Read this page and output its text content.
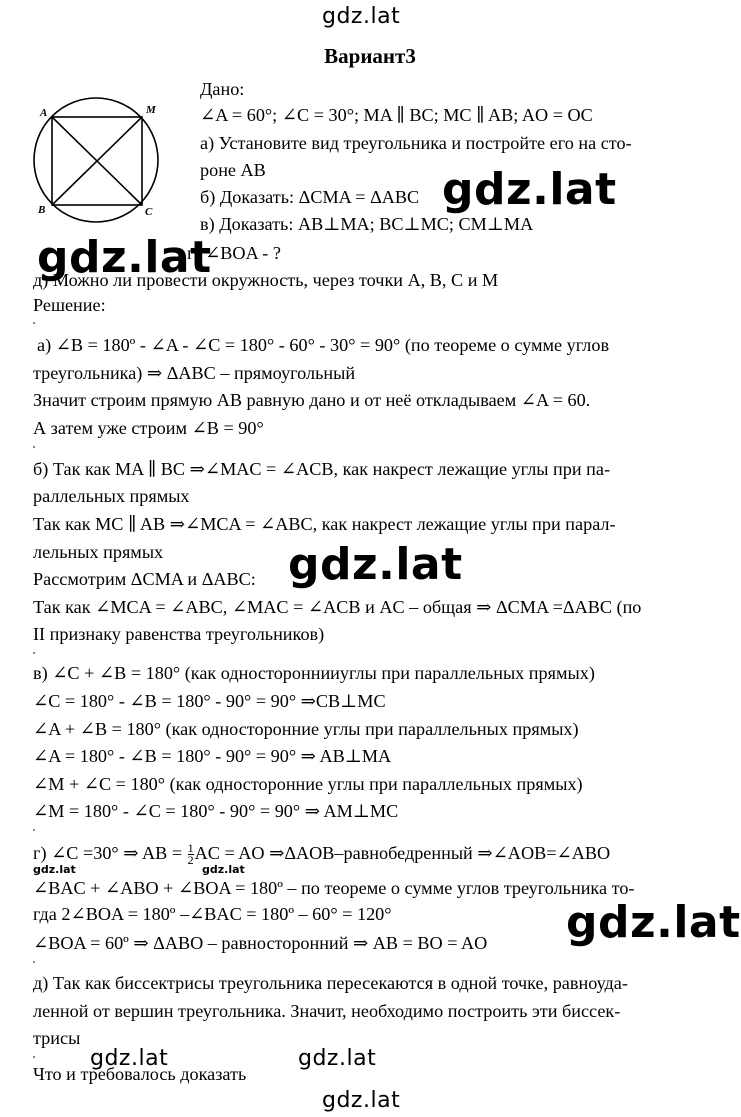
gdz.lat
gdz.lat
gdz.lat
gdz.lat
gdz.lat
gdz.lat	gdz.lat
gdz.lat
gdz.lat	gdz.lat
Вариант3
A	M
B	C
Дано:
∠A = 60°; ∠C = 30°; MA ∥ BC; MC ∥ AB; AO = OC
а) Установите вид треугольника и постройте его на сто-
роне AB
б) Доказать: ΔCMA = ΔABC
в) Доказать: AB⊥MA; BC⊥MC; CM⊥MA
г) ∠BOA - ?
д) Можно ли провести окружность, через точки А, В, С и М
Решение:
а) ∠B = 180º - ∠A - ∠C = 180° - 60° - 30° = 90° (по теореме о сумме углов
треугольника) ⇒ ΔABC – прямоугольный
Значит строим прямую AB равную дано и от неё откладываем ∠A = 60.
А затем уже строим ∠B = 90°
б) Так как MA ∥ BC ⇒∠MAC = ∠ACB, как накрест лежащие углы при па-
раллельных прямых
Так как MC ∥ AB ⇒∠MCA = ∠ABC, как накрест лежащие углы при парал-
лельных прямых
Рассмотрим ΔCMA и ΔABC:
Так как ∠MCA = ∠ABC, ∠MAC = ∠ACB и AC – общая ⇒ ΔCMA =ΔABC (по
II признаку равенства треугольников)
в) ∠C + ∠B = 180° (как одностороннииуглы при параллельных прямых)
∠C = 180° - ∠B = 180° - 90° = 90° ⇒CB⊥MC
∠A + ∠B = 180° (как односторонние углы при параллельных прямых)
∠A = 180° - ∠B = 180° - 90° = 90° ⇒ AB⊥MA
∠M + ∠C = 180° (как односторонние углы при параллельных прямых)
∠M = 180° - ∠C = 180° - 90° = 90° ⇒ AM⊥MC
г) ∠C =30° ⇒ AB = $\frac{1}{2}$ AC = AO ⇒ΔAOB–равнобедренный ⇒∠AOB=∠ABO
∠BAC + ∠ABO + ∠BOA = 180º – по теореме о сумме углов треугольника то-
гда 2∠BOA = 180º –∠BAC = 180º – 60° = 120°
∠BOA = 60º ⇒ ΔABO – равносторонний ⇒ AB = BO = AO
д) Так как биссектрисы треугольника пересекаются в одной точке, равноуда-
ленной от вершин треугольника. Значит, необходимо построить эти биссек-
трисы
Что и требовалось доказать
